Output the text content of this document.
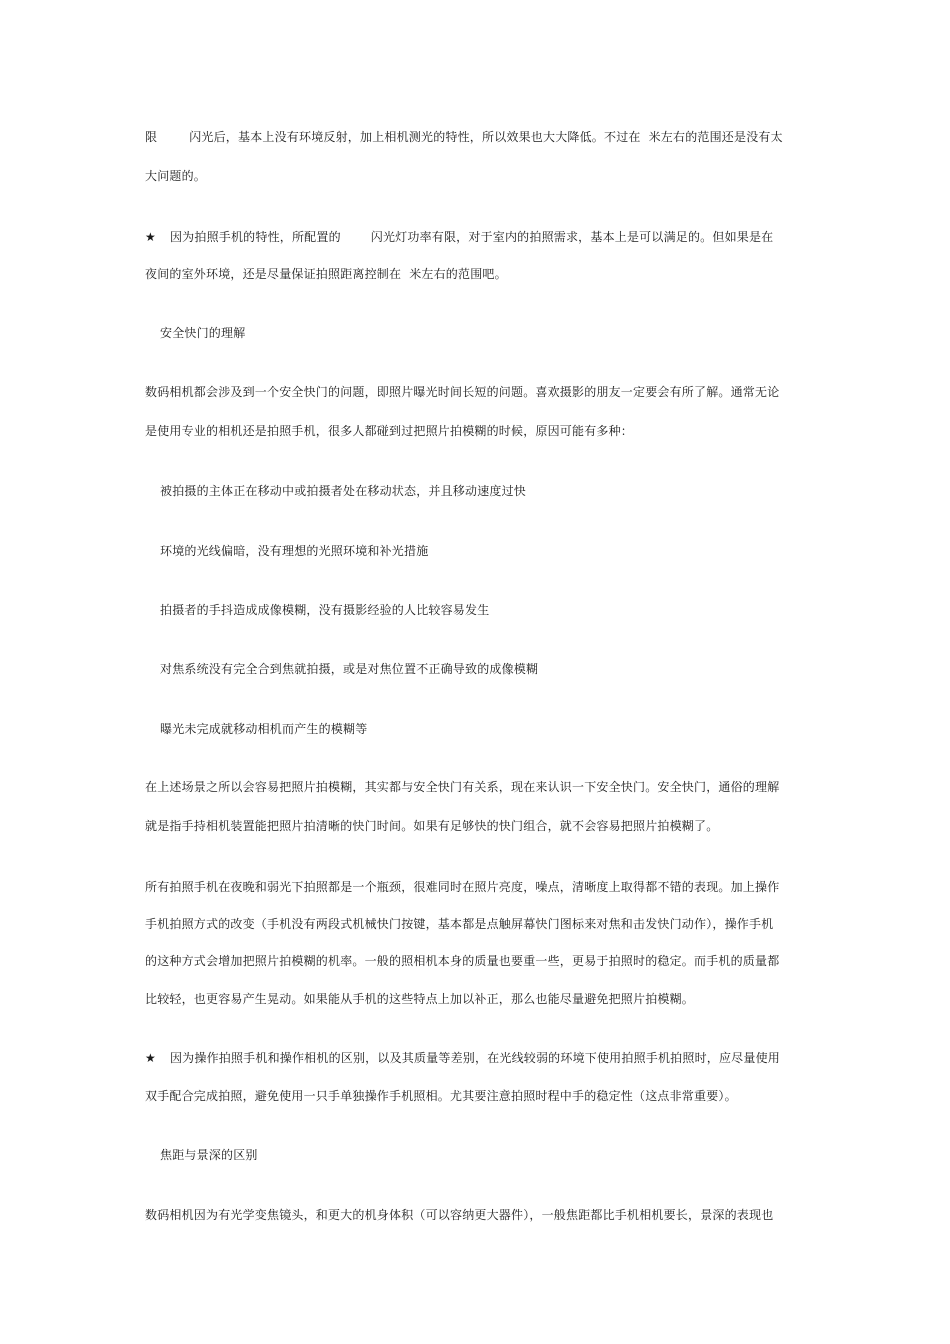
限	闪光后，基本上没有环境反射，加上相机测光的特性，所以效果也大大降低。不过在 米左右的范围还是没有太
大问题的。
★ 因为拍照手机的特性，所配置的	闪光灯功率有限，对于室内的拍照需求，基本上是可以满足的。但如果是在
夜间的室外环境，还是尽量保证拍照距离控制在 米左右的范围吧。
安全快门的理解
数码相机都会涉及到一个安全快门的问题，即照片曝光时间长短的问题。喜欢摄影的朋友一定要会有所了解。通常无论
是使用专业的相机还是拍照手机，很多人都碰到过把照片拍模糊的时候，原因可能有多种：
被拍摄的主体正在移动中或拍摄者处在移动状态，并且移动速度过快
环境的光线偏暗，没有理想的光照环境和补光措施
拍摄者的手抖造成成像模糊，没有摄影经验的人比较容易发生
对焦系统没有完全合到焦就拍摄，或是对焦位置不正确导致的成像模糊
曝光未完成就移动相机而产生的模糊等
在上述场景之所以会容易把照片拍模糊，其实都与安全快门有关系，现在来认识一下安全快门。安全快门，通俗的理解
就是指手持相机装置能把照片拍清晰的快门时间。如果有足够快的快门组合，就不会容易把照片拍模糊了。
所有拍照手机在夜晚和弱光下拍照都是一个瓶颈，很难同时在照片亮度，噪点，清晰度上取得都不错的表现。加上操作
手机拍照方式的改变（手机没有两段式机械快门按键，基本都是点触屏幕快门图标来对焦和击发快门动作），操作手机
的这种方式会增加把照片拍模糊的机率。一般的照相机本身的质量也要重一些，更易于拍照时的稳定。而手机的质量都
比较轻，也更容易产生晃动。如果能从手机的这些特点上加以补正，那么也能尽量避免把照片拍模糊。
★ 因为操作拍照手机和操作相机的区别，以及其质量等差别，在光线较弱的环境下使用拍照手机拍照时，应尽量使用
双手配合完成拍照，避免使用一只手单独操作手机照相。尤其要注意拍照时程中手的稳定性（这点非常重要）。
焦距与景深的区别
数码相机因为有光学变焦镜头，和更大的机身体积（可以容纳更大器件），一般焦距都比手机相机要长，景深的表现也
